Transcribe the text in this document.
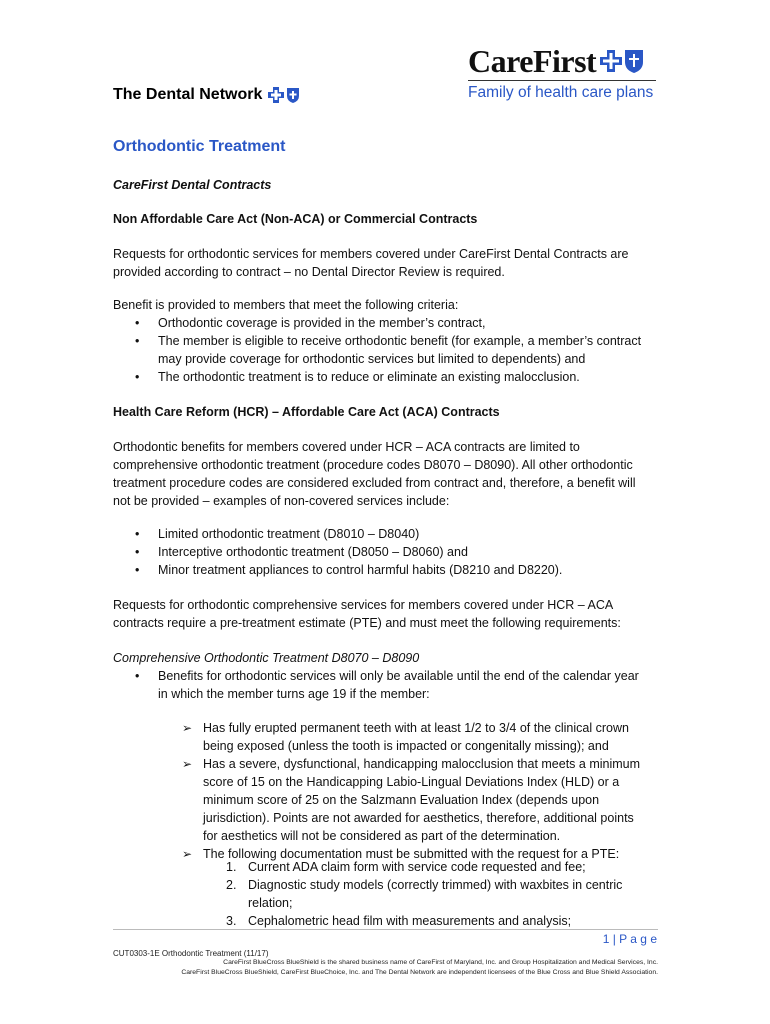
The Dental Network
CareFirst
Family of health care plans
Orthodontic Treatment
CareFirst Dental Contracts
Non Affordable Care Act (Non-ACA) or Commercial Contracts
Requests for orthodontic services for members covered under CareFirst Dental Contracts are
provided according to contract – no Dental Director Review is required.
Benefit is provided to members that meet the following criteria:
• Orthodontic coverage is provided in the member’s contract,
• The member is eligible to receive orthodontic benefit (for example, a member’s contract
may provide coverage for orthodontic services but limited to dependents) and
• The orthodontic treatment is to reduce or eliminate an existing malocclusion.
Health Care Reform (HCR) – Affordable Care Act (ACA) Contracts
Orthodontic benefits for members covered under HCR – ACA contracts are limited to
comprehensive orthodontic treatment (procedure codes D8070 – D8090). All other orthodontic
treatment procedure codes are considered excluded from contract and, therefore, a benefit will
not be provided – examples of non-covered services include:
• Limited orthodontic treatment (D8010 – D8040)
• Interceptive orthodontic treatment (D8050 – D8060) and
• Minor treatment appliances to control harmful habits (D8210 and D8220).
Requests for orthodontic comprehensive services for members covered under HCR – ACA
contracts require a pre-treatment estimate (PTE) and must meet the following requirements:
Comprehensive Orthodontic Treatment D8070 – D8090
• Benefits for orthodontic services will only be available until the end of the calendar year
in which the member turns age 19 if the member:
➢ Has fully erupted permanent teeth with at least 1/2 to 3/4 of the clinical crown
being exposed (unless the tooth is impacted or congenitally missing); and
➢ Has a severe, dysfunctional, handicapping malocclusion that meets a minimum
score of 15 on the Handicapping Labio-Lingual Deviations Index (HLD) or a
minimum score of 25 on the Salzmann Evaluation Index (depends upon
jurisdiction). Points are not awarded for aesthetics, therefore, additional points
for aesthetics will not be considered as part of the determination.
➢ The following documentation must be submitted with the request for a PTE:
1. Current ADA claim form with service code requested and fee;
2. Diagnostic study models (correctly trimmed) with waxbites in centric
relation;
3. Cephalometric head film with measurements and analysis;
1 | P a g e
CUT0303-1E Orthodontic Treatment (11/17)
CareFirst BlueCross BlueShield is the shared business name of CareFirst of Maryland, Inc. and Group Hospitalization and Medical Services, Inc.
CareFirst BlueCross BlueShield, CareFirst BlueChoice, Inc. and The Dental Network are independent licensees of the Blue Cross and Blue Shield Association.
